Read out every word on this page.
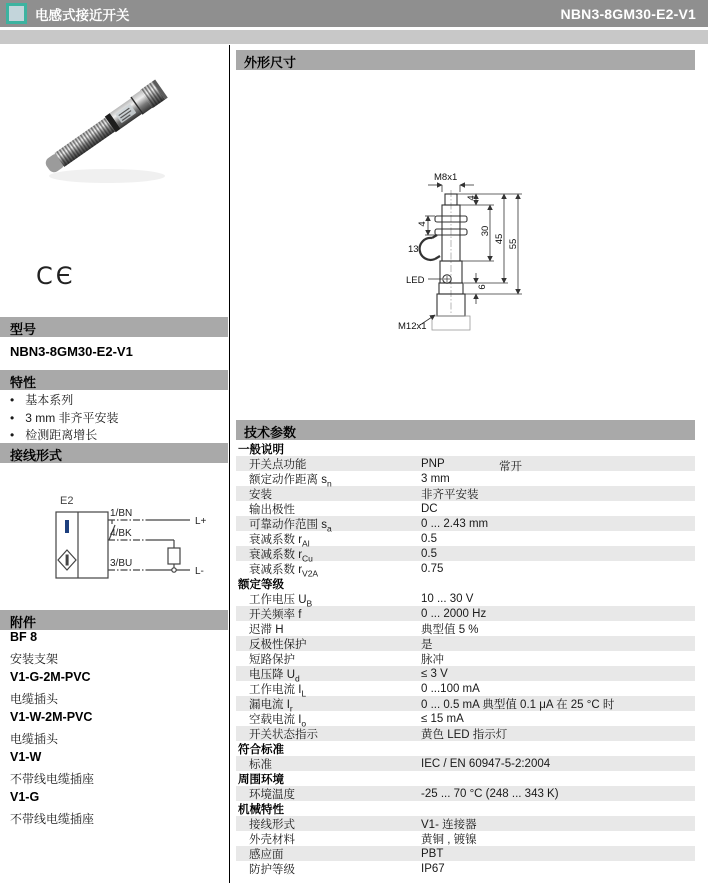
电感式接近开关	NBN3-8GM30-E2-V1
CЄ
型号
NBN3-8GM30-E2-V1
特性
• 基本系列
• 3 mm 非齐平安装
• 检测距离增长
接线形式
E2
1/BN
4/BK
3/BU
L+
L-
附件
BF 8
安装支架
V1-G-2M-PVC
电缆插头
V1-W-2M-PVC
电缆插头
V1-W
不带线电缆插座
V1-G
不带线电缆插座
外形尺寸
M8x1
4
13
4
30
45 55
6
LED
M12x1
技术参数
一般说明
开关点功能	PNP	常开
额定动作距离 $s_n$	3 mm
安装	非齐平安装
输出极性	DC
可靠动作范围 $s_a$	0 ... 2.43 mm
衰减系数 $r_{Al}$	0.5
衰减系数 $r_{Cu}$	0.5
衰减系数 $r_{V2A}$	0.75
额定等级
工作电压 $U_B$	10 ... 30 V
开关频率 f	0 ... 2000 Hz
迟滞 H	典型值 5 %
反极性保护	是
短路保护	脉冲
电压降 $U_d$	≤ 3 V
工作电流 $I_L$	0 ...100 mA
漏电流 $I_r$	0 ... 0.5 mA 典型值 0.1 μA 在 25 °C 时
空载电流 $I_o$	≤ 15 mA
开关状态指示	黄色 LED 指示灯
符合标准
标准	IEC / EN 60947-5-2:2004
周围环境
环境温度	-25 ... 70 °C (248 ... 343 K)
机械特性
接线形式	V1- 连接器
外壳材料	黄铜 , 镀镍
感应面	PBT
防护等级	IP67
